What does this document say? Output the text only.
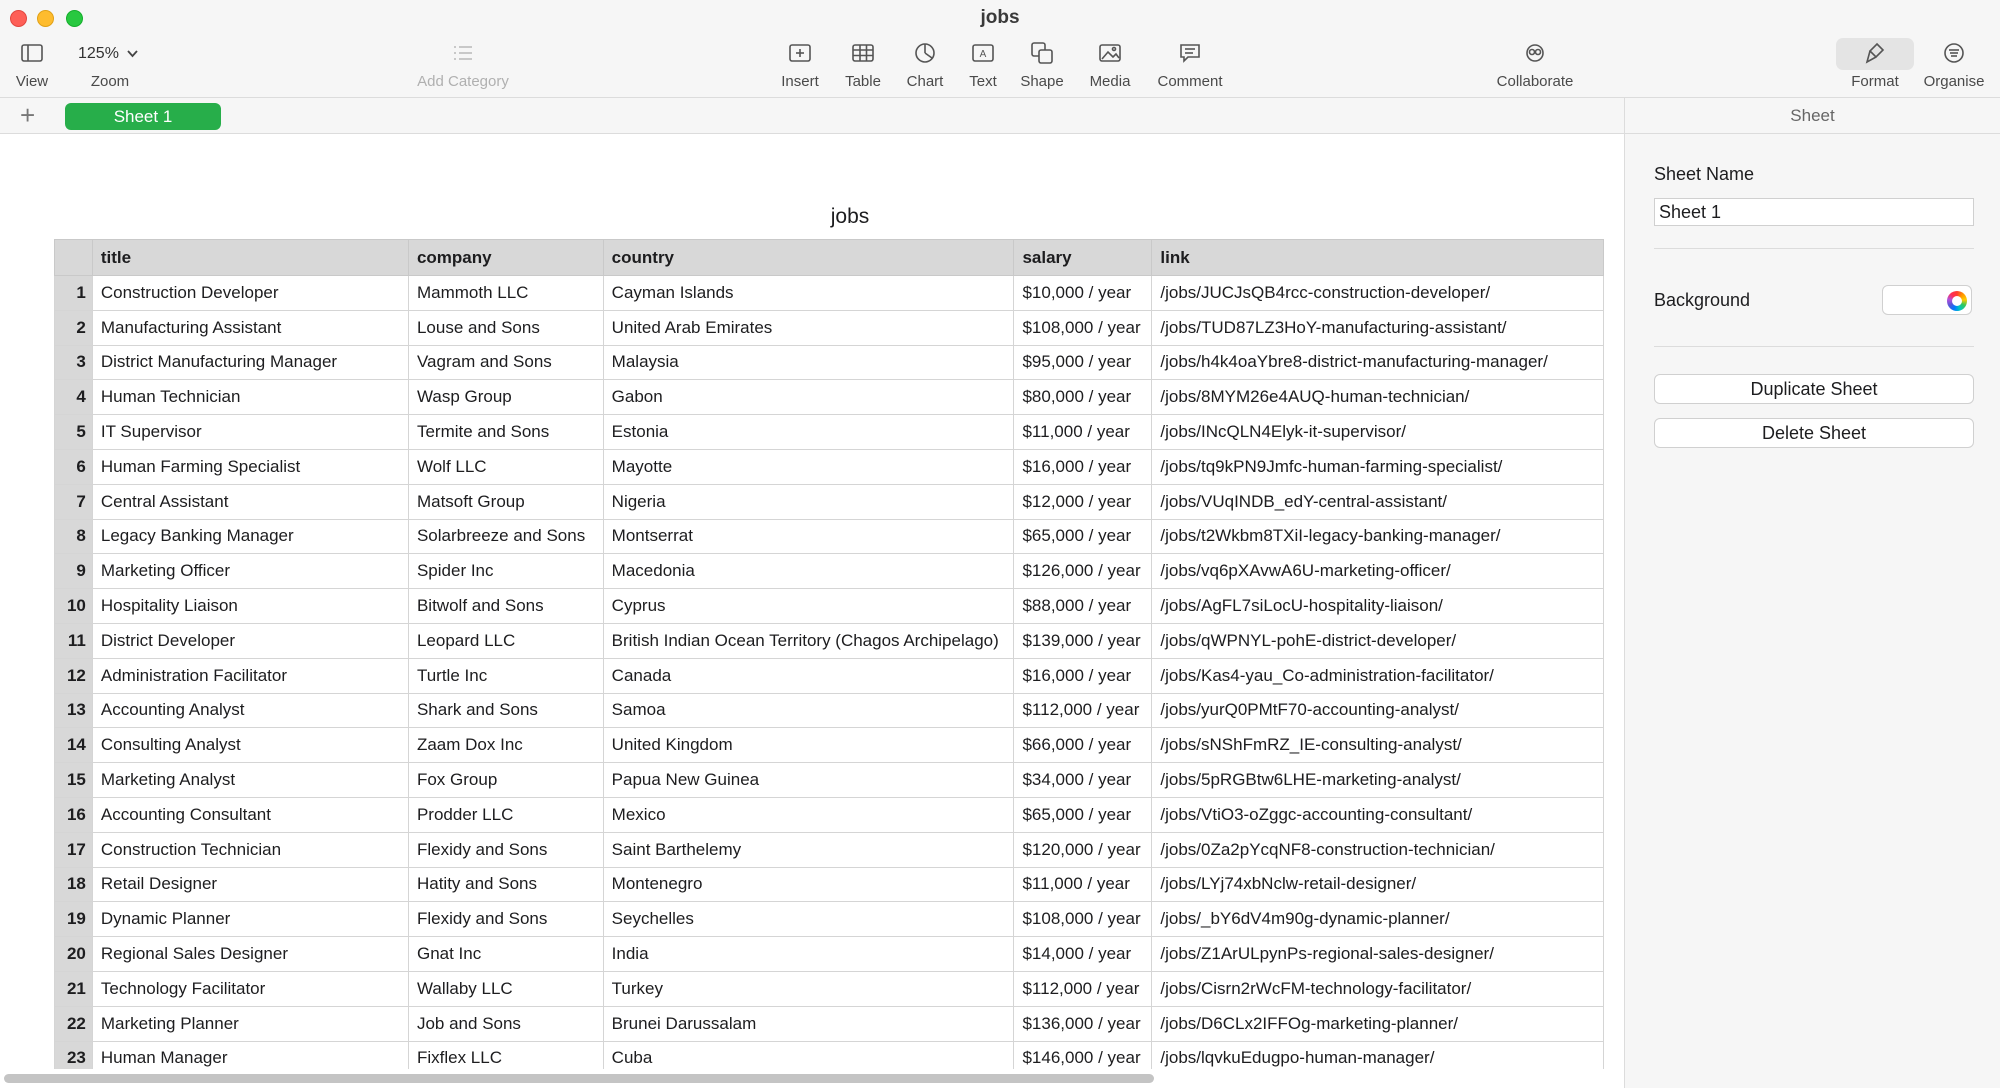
jobs
View
125%
Zoom	Add Category	Insert	Table	Chart
A
Text	Shape	Media	Comment	Collaborate	Format	Organise
+	Sheet 1
jobs
	title	company	country	salary	link
1	Construction Developer	Mammoth LLC	Cayman Islands	$10,000 / year	/jobs/JUCJsQB4rcc-construction-developer/
2	Manufacturing Assistant	Louse and Sons	United Arab Emirates	$108,000 / year	/jobs/TUD87LZ3HoY-manufacturing-assistant/
3	District Manufacturing Manager	Vagram and Sons	Malaysia	$95,000 / year	/jobs/h4k4oaYbre8-district-manufacturing-manager/
4	Human Technician	Wasp Group	Gabon	$80,000 / year	/jobs/8MYM26e4AUQ-human-technician/
5	IT Supervisor	Termite and Sons	Estonia	$11,000 / year	/jobs/INcQLN4Elyk-it-supervisor/
6	Human Farming Specialist	Wolf LLC	Mayotte	$16,000 / year	/jobs/tq9kPN9Jmfc-human-farming-specialist/
7	Central Assistant	Matsoft Group	Nigeria	$12,000 / year	/jobs/VUqINDB_edY-central-assistant/
8	Legacy Banking Manager	Solarbreeze and Sons	Montserrat	$65,000 / year	/jobs/t2Wkbm8TXiI-legacy-banking-manager/
9	Marketing Officer	Spider Inc	Macedonia	$126,000 / year	/jobs/vq6pXAvwA6U-marketing-officer/
10	Hospitality Liaison	Bitwolf and Sons	Cyprus	$88,000 / year	/jobs/AgFL7siLocU-hospitality-liaison/
11	District Developer	Leopard LLC	British Indian Ocean Territory (Chagos Archipelago)	$139,000 / year	/jobs/qWPNYL-pohE-district-developer/
12	Administration Facilitator	Turtle Inc	Canada	$16,000 / year	/jobs/Kas4-yau_Co-administration-facilitator/
13	Accounting Analyst	Shark and Sons	Samoa	$112,000 / year	/jobs/yurQ0PMtF70-accounting-analyst/
14	Consulting Analyst	Zaam Dox Inc	United Kingdom	$66,000 / year	/jobs/sNShFmRZ_IE-consulting-analyst/
15	Marketing Analyst	Fox Group	Papua New Guinea	$34,000 / year	/jobs/5pRGBtw6LHE-marketing-analyst/
16	Accounting Consultant	Prodder LLC	Mexico	$65,000 / year	/jobs/VtiO3-oZggc-accounting-consultant/
17	Construction Technician	Flexidy and Sons	Saint Barthelemy	$120,000 / year	/jobs/0Za2pYcqNF8-construction-technician/
18	Retail Designer	Hatity and Sons	Montenegro	$11,000 / year	/jobs/LYj74xbNclw-retail-designer/
19	Dynamic Planner	Flexidy and Sons	Seychelles	$108,000 / year	/jobs/_bY6dV4m90g-dynamic-planner/
20	Regional Sales Designer	Gnat Inc	India	$14,000 / year	/jobs/Z1ArULpynPs-regional-sales-designer/
21	Technology Facilitator	Wallaby LLC	Turkey	$112,000 / year	/jobs/Cisrn2rWcFM-technology-facilitator/
22	Marketing Planner	Job and Sons	Brunei Darussalam	$136,000 / year	/jobs/D6CLx2IFFOg-marketing-planner/
23	Human Manager	Fixflex LLC	Cuba	$146,000 / year	/jobs/lqvkuEdugpo-human-manager/
Sheet
Sheet Name
Sheet 1
Background
Duplicate Sheet
Delete Sheet
